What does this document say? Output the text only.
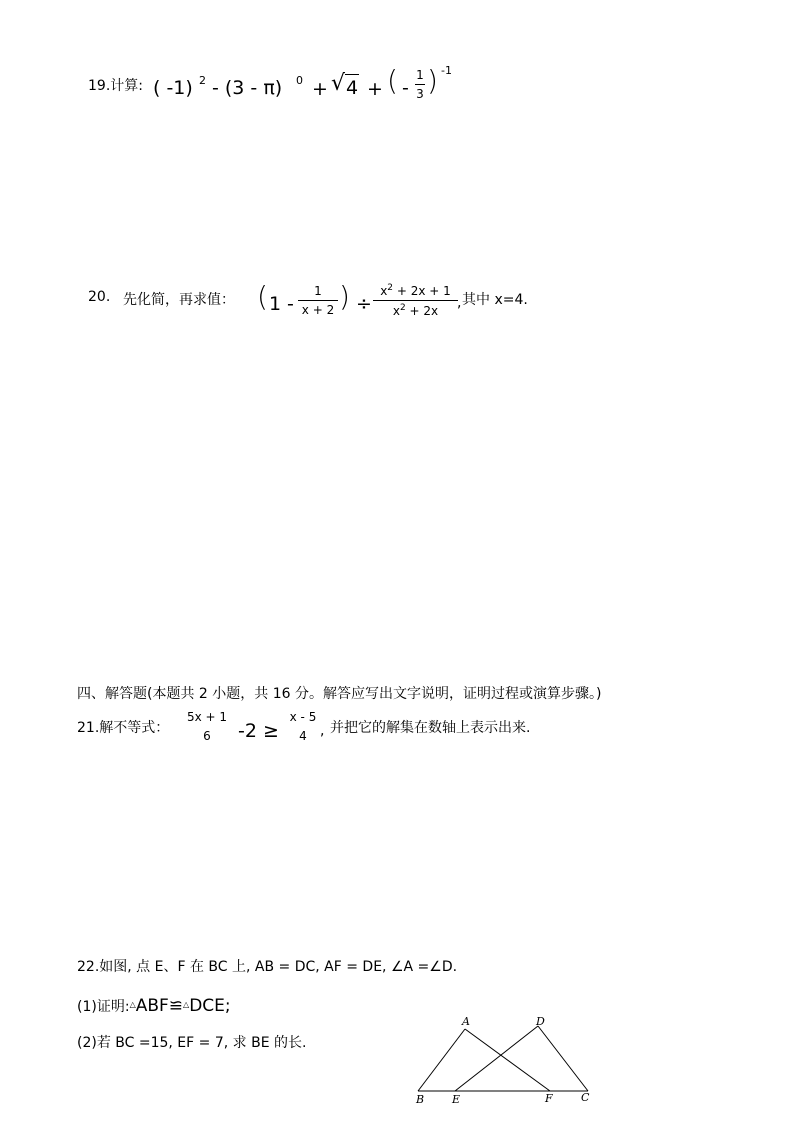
19.计算: ( -1) 2 - (3 - π) 0 + √ 4 + ( -
1
3 ) -1
20. 先化简，再求值： ( 1 -
1
x + 2 ) ÷
$x^2 + 2x + 1$
$x^2 + 2x$	, 其中 x=4.
四、解答题(本题共 2 小题，共 16 分。解答应写出文字说明，证明过程或演算步骤。)
21.解不等式：
5x + 1
6	-2 ≥
x - 5
4 , 并把它的解集在数轴上表示出来.
22.如图, 点 E、F 在 BC 上, AB = DC, AF = DE, ∠A =∠D.
(1)证明:△ABF≌△DCE;
(2)若 BC =15, EF = 7, 求 BE 的长.
A	D
B	E	F	C
